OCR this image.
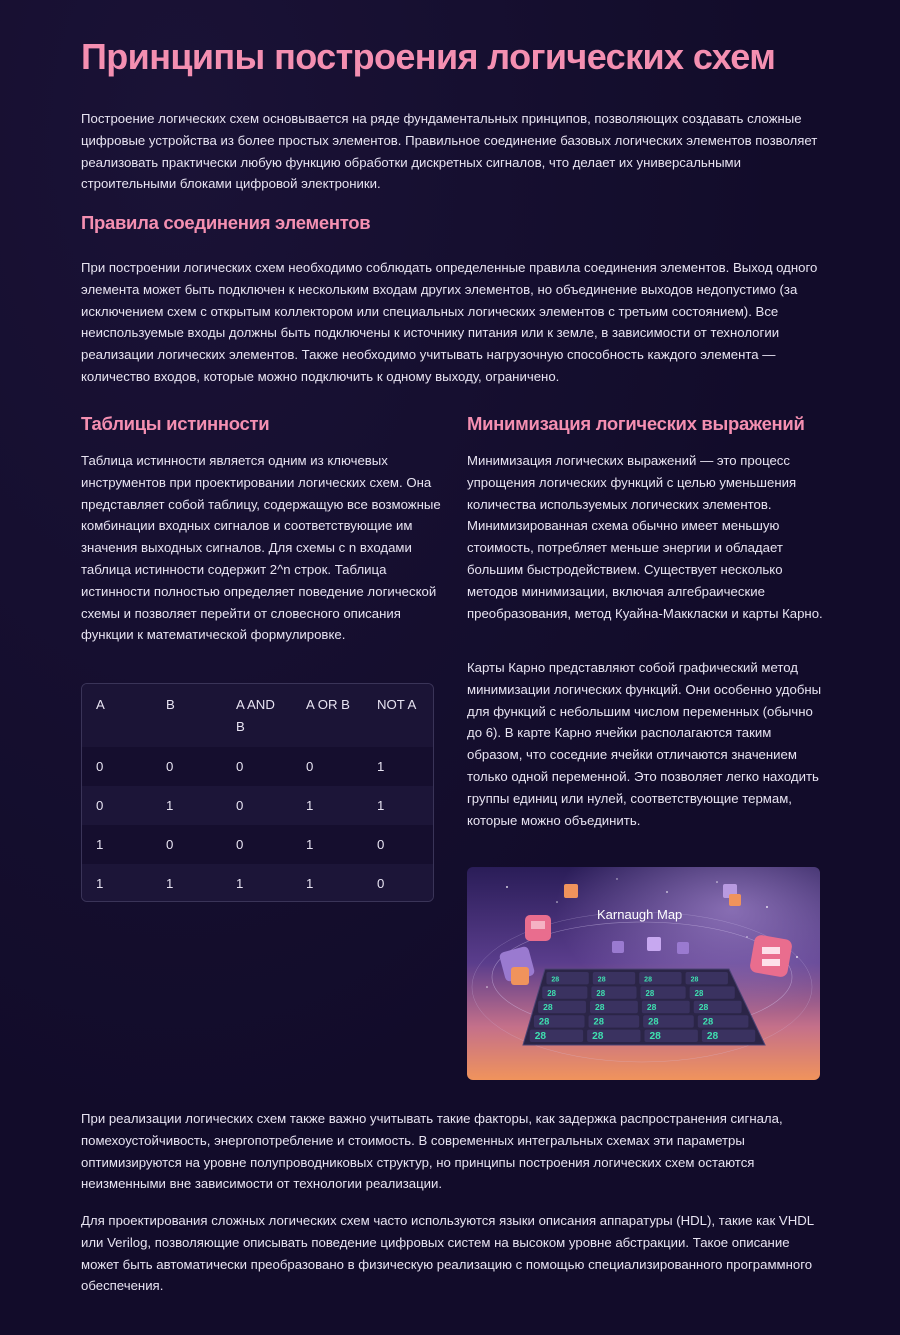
Принципы построения логических схем

Построение логических схем основывается на ряде фундаментальных принципов, позволяющих создавать сложные цифровые устройства из более простых элементов. Правильное соединение базовых логических элементов позволяет реализовать практически любую функцию обработки дискретных сигналов, что делает их универсальными строительными блоками цифровой электроники.

Правила соединения элементов

При построении логических схем необходимо соблюдать определенные правила соединения элементов. Выход одного элемента может быть подключен к нескольким входам других элементов, но объединение выходов недопустимо (за исключением схем с открытым коллектором или специальных логических элементов с третьим состоянием). Все неиспользуемые входы должны быть подключены к источнику питания или к земле, в зависимости от технологии реализации логических элементов. Также необходимо учитывать нагрузочную способность каждого элемента — количество входов, которые можно подключить к одному выходу, ограничено.

Таблицы истинности

Таблица истинности является одним из ключевых инструментов при проектировании логических схем. Она представляет собой таблицу, содержащую все возможные комбинации входных сигналов и соответствующие им значения выходных сигналов. Для схемы с n входами таблица истинности содержит 2^n строк. Таблица истинности полностью определяет поведение логической схемы и позволяет перейти от словесного описания функции к математической формулировке.

A	B	A AND B	A OR B	NOT A
0	0	0	0	1
0	1	0	1	1
1	0	0	1	0
1	1	1	1	0
Минимизация логических выражений

Минимизация логических выражений — это процесс упрощения логических функций с целью уменьшения количества используемых логических элементов. Минимизированная схема обычно имеет меньшую стоимость, потребляет меньше энергии и обладает большим быстродействием. Существует несколько методов минимизации, включая алгебраические преобразования, метод Куайна-Маккласки и карты Карно.

Карты Карно представляют собой графический метод минимизации логических функций. Они особенно удобны для функций с небольшим числом переменных (обычно до 6). В карте Карно ячейки располагаются таким образом, что соседние ячейки отличаются значением только одной переменной. Это позволяет легко находить группы единиц или нулей, соответствующие термам, которые можно объединить.

Karnaugh Map
28	28	28	28
28	28	28	28
28	28	28	28
28	28	28	28
28	28	28	28

При реализации логических схем также важно учитывать такие факторы, как задержка распространения сигнала, помехоустойчивость, энергопотребление и стоимость. В современных интегральных схемах эти параметры оптимизируются на уровне полупроводниковых структур, но принципы построения логических схем остаются неизменными вне зависимости от технологии реализации.

Для проектирования сложных логических схем часто используются языки описания аппаратуры (HDL), такие как VHDL или Verilog, позволяющие описывать поведение цифровых систем на высоком уровне абстракции. Такое описание может быть автоматически преобразовано в физическую реализацию с помощью специализированного программного обеспечения.
